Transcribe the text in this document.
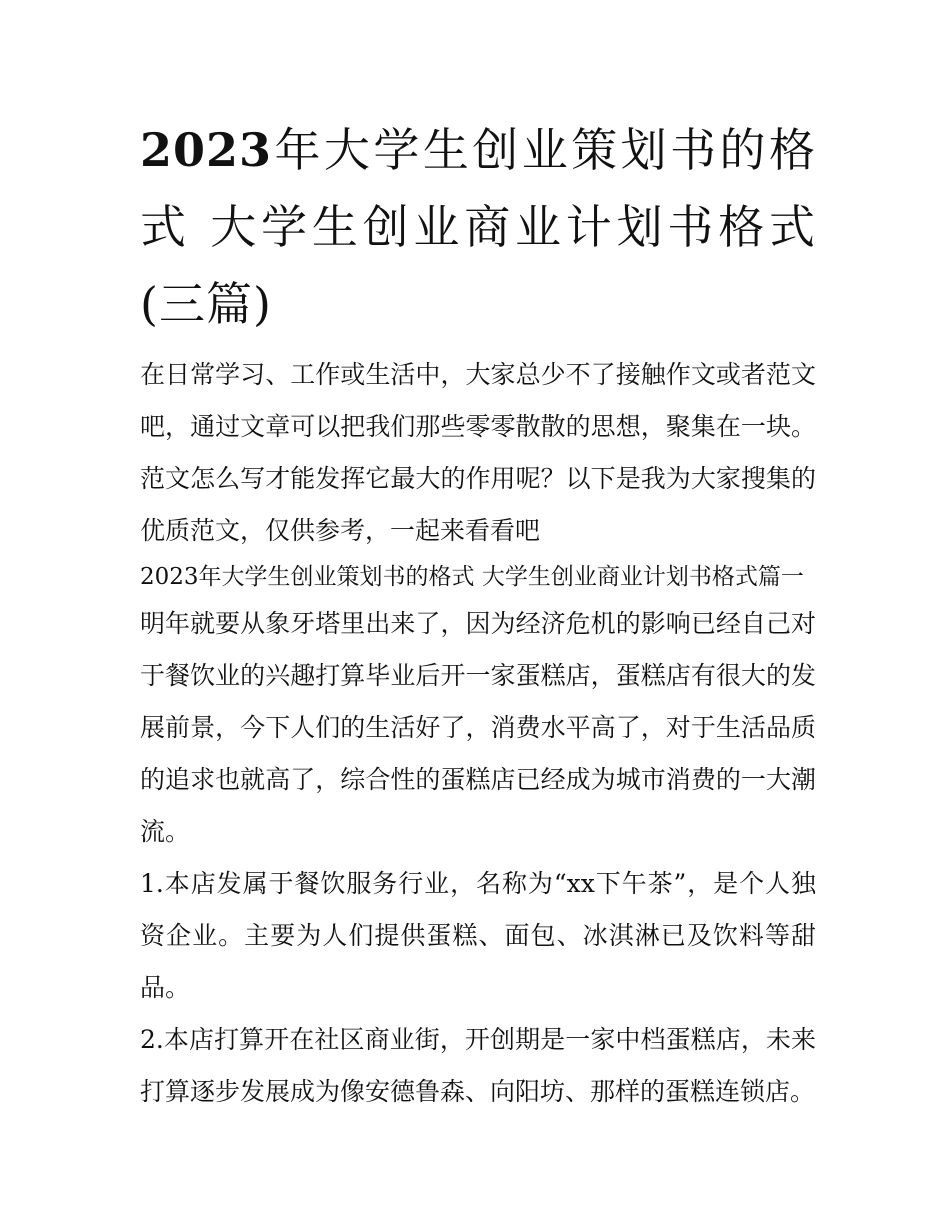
2023年大学生创业策划书的格式 大学生创业商业计划书格式(三篇)

在日常学习、工作或生活中，大家总少不了接触作文或者范文吧，通过文章可以把我们那些零零散散的思想，聚集在一块。范文怎么写才能发挥它最大的作用呢？以下是我为大家搜集的优质范文，仅供参考，一起来看看吧

2023年大学生创业策划书的格式 大学生创业商业计划书格式篇一

明年就要从象牙塔里出来了，因为经济危机的影响已经自己对于餐饮业的兴趣打算毕业后开一家蛋糕店，蛋糕店有很大的发展前景，今下人们的生活好了，消费水平高了，对于生活品质的追求也就高了，综合性的蛋糕店已经成为城市消费的一大潮流。

1.本店发属于餐饮服务行业，名称为“xx下午茶”，是个人独资企业。主要为人们提供蛋糕、面包、冰淇淋已及饮料等甜品。

2.本店打算开在社区商业街，开创期是一家中档蛋糕店，未来打算逐步发展成为像安德鲁森、向阳坊、那样的蛋糕连锁店。
